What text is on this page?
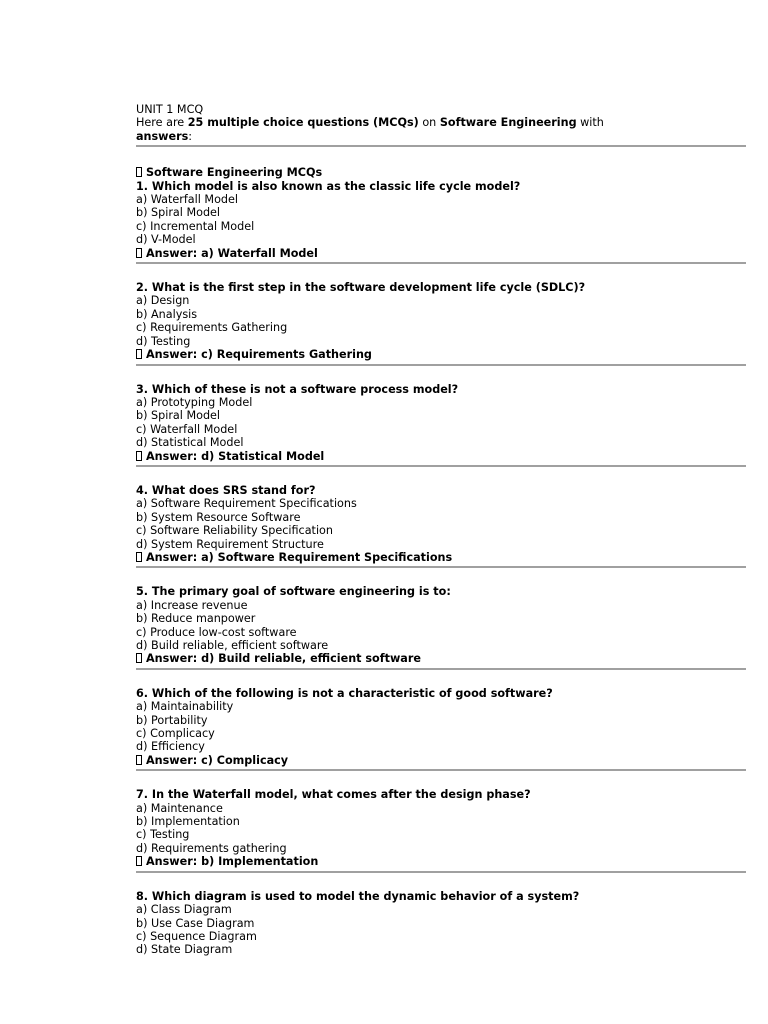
UNIT 1 MCQ
Here are 25 multiple choice questions (MCQs) on Software Engineering with
answers:
Software Engineering MCQs
1. Which model is also known as the classic life cycle model?
a) Waterfall Model
b) Spiral Model
c) Incremental Model
d) V-Model
Answer: a) Waterfall Model
2. What is the first step in the software development life cycle (SDLC)?
a) Design
b) Analysis
c) Requirements Gathering
d) Testing
Answer: c) Requirements Gathering
3. Which of these is not a software process model?
a) Prototyping Model
b) Spiral Model
c) Waterfall Model
d) Statistical Model
Answer: d) Statistical Model
4. What does SRS stand for?
a) Software Requirement Specifications
b) System Resource Software
c) Software Reliability Specification
d) System Requirement Structure
Answer: a) Software Requirement Specifications
5. The primary goal of software engineering is to:
a) Increase revenue
b) Reduce manpower
c) Produce low-cost software
d) Build reliable, efficient software
Answer: d) Build reliable, efficient software
6. Which of the following is not a characteristic of good software?
a) Maintainability
b) Portability
c) Complicacy
d) Efficiency
Answer: c) Complicacy
7. In the Waterfall model, what comes after the design phase?
a) Maintenance
b) Implementation
c) Testing
d) Requirements gathering
Answer: b) Implementation
8. Which diagram is used to model the dynamic behavior of a system?
a) Class Diagram
b) Use Case Diagram
c) Sequence Diagram
d) State Diagram
